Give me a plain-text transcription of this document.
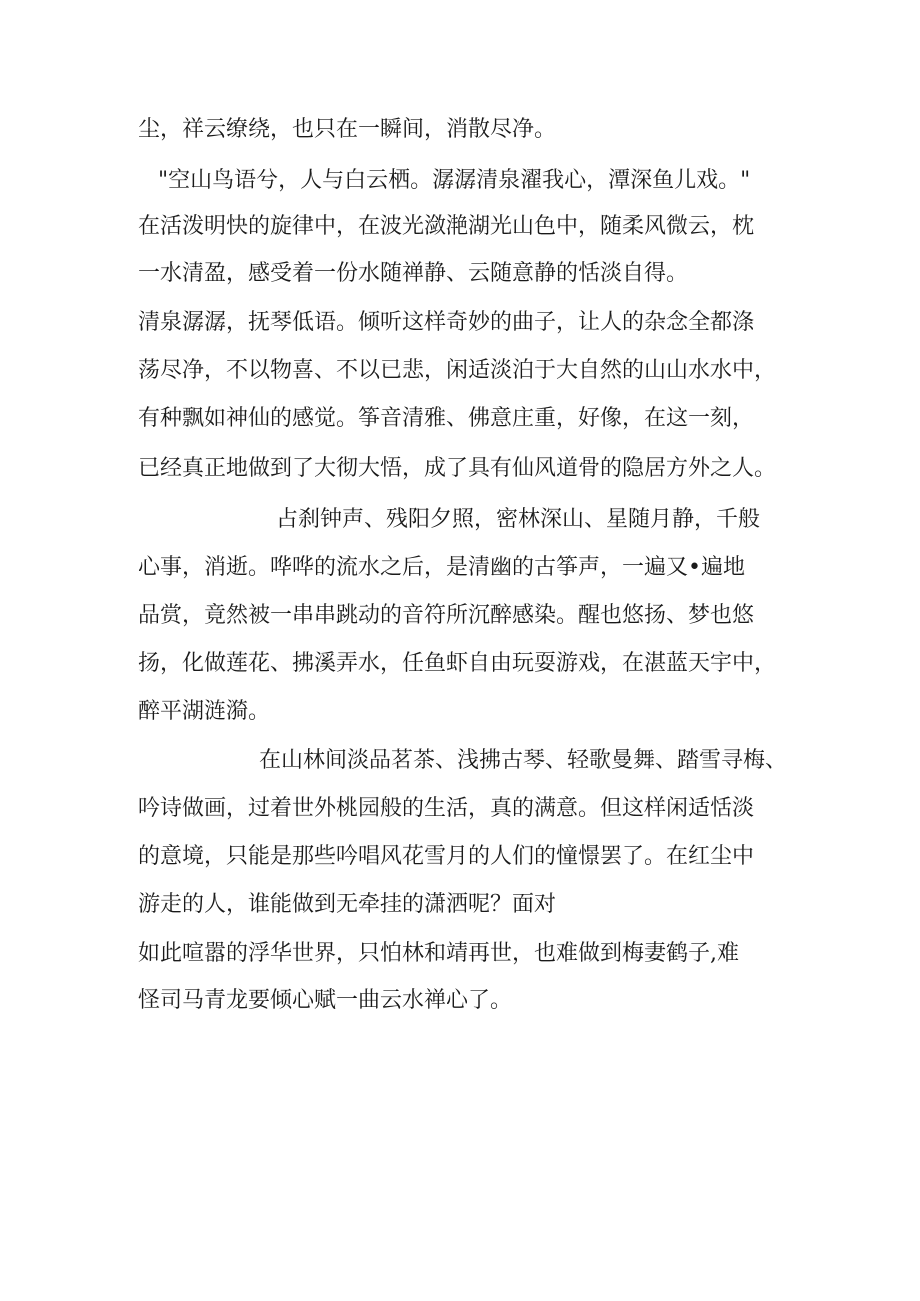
尘，祥云缭绕，也只在一瞬间，消散尽净。
"空山鸟语兮，人与白云栖。潺潺清泉濯我心，潭深鱼儿戏。"
在活泼明快的旋律中，在波光潋滟湖光山色中，随柔风微云，枕
一水清盈，感受着一份水随禅静、云随意静的恬淡自得。
清泉潺潺，抚琴低语。倾听这样奇妙的曲子，让人的杂念全都涤
荡尽净，不以物喜、不以已悲，闲适淡泊于大自然的山山水水中，
有种飘如神仙的感觉。筝音清雅、佛意庄重，好像，在这一刻，
已经真正地做到了大彻大悟，成了具有仙风道骨的隐居方外之人。
占刹钟声、残阳夕照，密林深山、星随月静，千般
心事，消逝。哗哗的流水之后，是清幽的古筝声，一遍又•遍地
品赏，竟然被一串串跳动的音符所沉醉感染。醒也悠扬、梦也悠
扬，化做莲花、拂溪弄水，任鱼虾自由玩耍游戏，在湛蓝天宇中，
醉平湖涟漪。
在山林间淡品茗茶、浅拂古琴、轻歌曼舞、踏雪寻梅、
吟诗做画，过着世外桃园般的生活，真的满意。但这样闲适恬淡
的意境，只能是那些吟唱风花雪月的人们的憧憬罢了。在红尘中
游走的人，谁能做到无牵挂的潇洒呢？面对
如此喧嚣的浮华世界，只怕林和靖再世，也难做到梅妻鹤子,难
怪司马青龙要倾心赋一曲云水禅心了。
